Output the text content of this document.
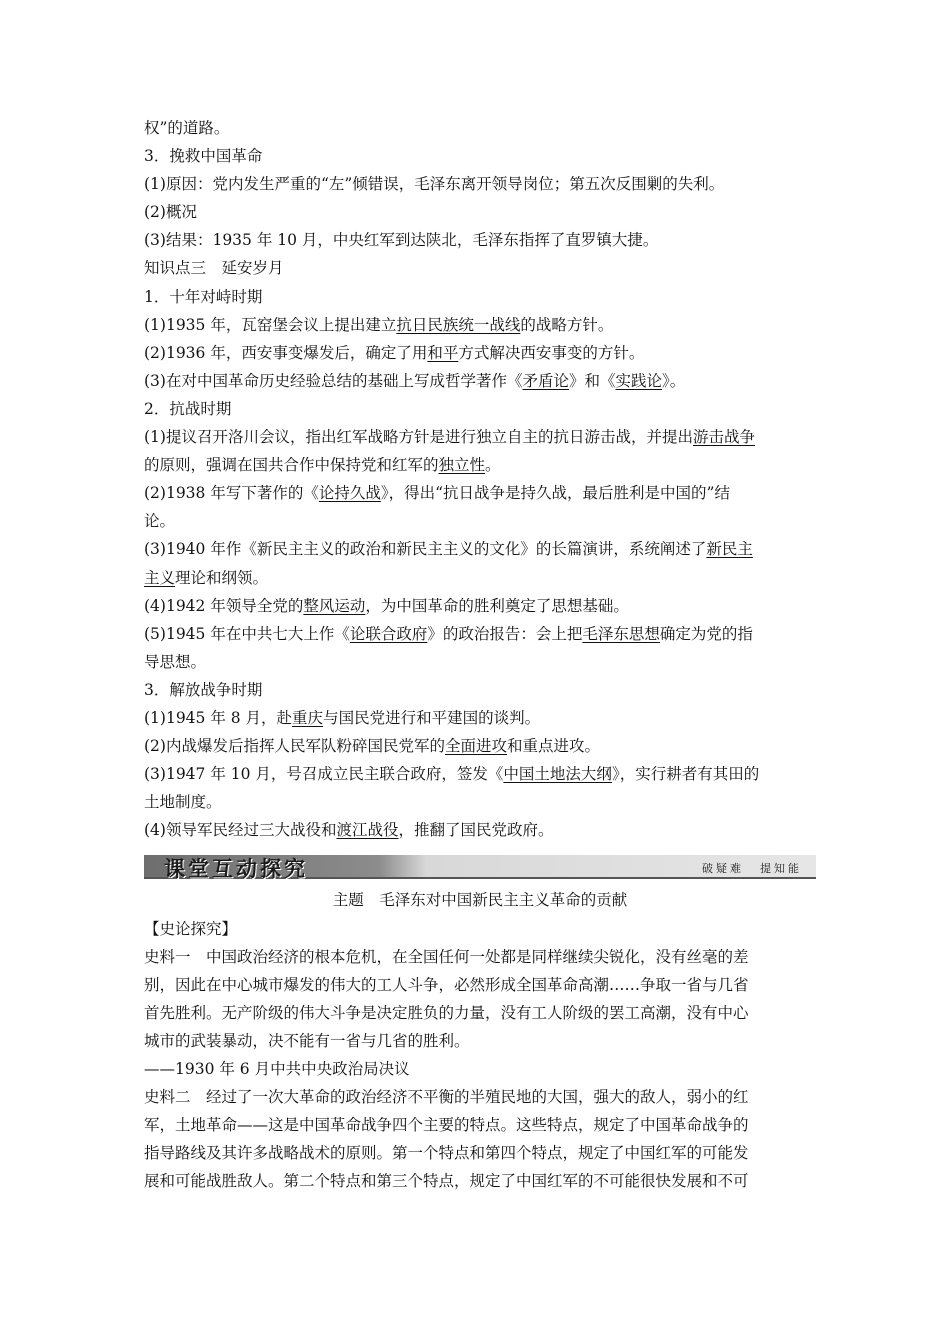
权”的道路。
3．挽救中国革命
(1)原因：党内发生严重的“左”倾错误，毛泽东离开领导岗位；第五次反围剿的失利。
(2)概况
(3)结果：1935 年 10 月，中央红军到达陕北，毛泽东指挥了直罗镇大捷。
知识点三　延安岁月
1．十年对峙时期
(1)1935 年，瓦窑堡会议上提出建立抗日民族统一战线的战略方针。
(2)1936 年，西安事变爆发后，确定了用和平方式解决西安事变的方针。
(3)在对中国革命历史经验总结的基础上写成哲学著作《矛盾论》和《实践论》。
2．抗战时期
(1)提议召开洛川会议，指出红军战略方针是进行独立自主的抗日游击战，并提出游击战争
的原则，强调在国共合作中保持党和红军的独立性。
(2)1938 年写下著作的《论持久战》，得出“抗日战争是持久战，最后胜利是中国的”结
论。
(3)1940 年作《新民主主义的政治和新民主主义的文化》的长篇演讲，系统阐述了新民主
主义理论和纲领。
(4)1942 年领导全党的整风运动，为中国革命的胜利奠定了思想基础。
(5)1945 年在中共七大上作《论联合政府》的政治报告：会上把毛泽东思想确定为党的指
导思想。
3．解放战争时期
(1)1945 年 8 月，赴重庆与国民党进行和平建国的谈判。
(2)内战爆发后指挥人民军队粉碎国民党军的全面进攻和重点进攻。
(3)1947 年 10 月，号召成立民主联合政府，签发《中国土地法大纲》，实行耕者有其田的
土地制度。
(4)领导军民经过三大战役和渡江战役，推翻了国民党政府。
课堂互动探究	破疑难 提知能
主题　毛泽东对中国新民主主义革命的贡献
【史论探究】
史料一　中国政治经济的根本危机，在全国任何一处都是同样继续尖锐化，没有丝毫的差
别，因此在中心城市爆发的伟大的工人斗争，必然形成全国革命高潮……争取一省与几省
首先胜利。无产阶级的伟大斗争是决定胜负的力量，没有工人阶级的罢工高潮，没有中心
城市的武装暴动，决不能有一省与几省的胜利。
——1930 年 6 月中共中央政治局决议
史料二　经过了一次大革命的政治经济不平衡的半殖民地的大国，强大的敌人，弱小的红
军，土地革命——这是中国革命战争四个主要的特点。这些特点，规定了中国革命战争的
指导路线及其许多战略战术的原则。第一个特点和第四个特点，规定了中国红军的可能发
展和可能战胜敌人。第二个特点和第三个特点，规定了中国红军的不可能很快发展和不可
